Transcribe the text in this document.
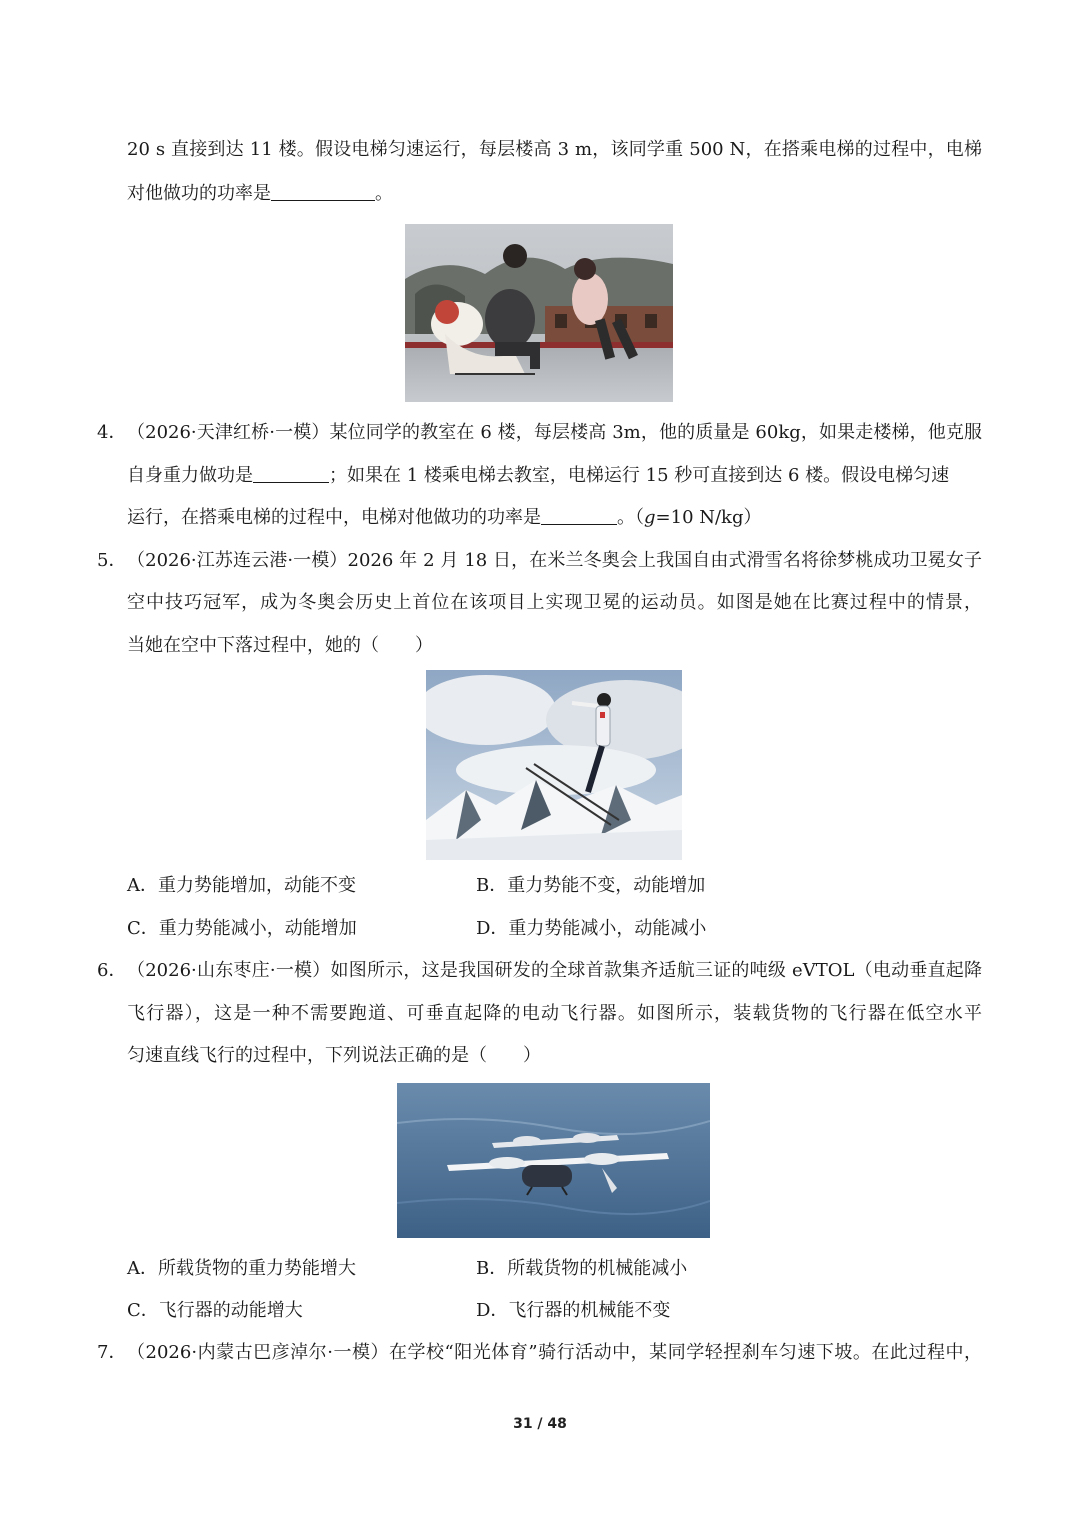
20 s 直接到达 11 楼。假设电梯匀速运行，每层楼高 3 m，该同学重 500 N，在搭乘电梯的过程中，电梯
对他做功的功率是	。
4． （2026·天津红桥·一模）某位同学的教室在 6 楼，每层楼高 3m，他的质量是 60kg，如果走楼梯，他克服
自身重力做功是	；如果在 1 楼乘电梯去教室，电梯运行 15 秒可直接到达 6 楼。假设电梯匀速
运行，在搭乘电梯的过程中，电梯对他做功的功率是	。（g=10 N/kg）
5． （2026·江苏连云港·一模）2026 年 2 月 18 日，在米兰冬奥会上我国自由式滑雪名将徐梦桃成功卫冕女子
空中技巧冠军，成为冬奥会历史上首位在该项目上实现卫冕的运动员。如图是她在比赛过程中的情景，
当她在空中下落过程中，她的（　　）
A．重力势能增加，动能不变	B．重力势能不变，动能增加
C．重力势能减小，动能增加	D．重力势能减小，动能减小
6． （2026·山东枣庄·一模）如图所示，这是我国研发的全球首款集齐适航三证的吨级 eVTOL（电动垂直起降
飞行器），这是一种不需要跑道、可垂直起降的电动飞行器。如图所示，装载货物的飞行器在低空水平
匀速直线飞行的过程中，下列说法正确的是（　　）
A．所载货物的重力势能增大	B．所载货物的机械能减小
C．飞行器的动能增大	D．飞行器的机械能不变
7． （2026·内蒙古巴彦淖尔·一模）在学校“阳光体育”骑行活动中，某同学轻捏刹车匀速下坡。在此过程中，
31 / 48
